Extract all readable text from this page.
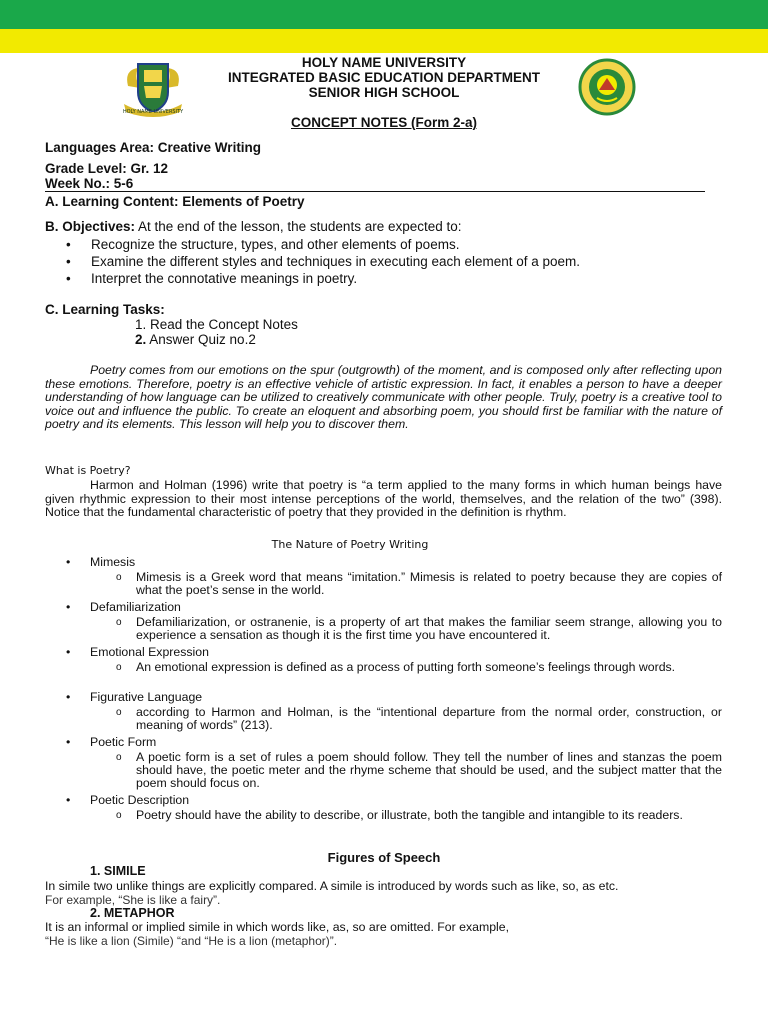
HOLY NAME UNIVERSITY
HOLY NAME UNIVERSITY
INTEGRATED BASIC EDUCATION DEPARTMENT
SENIOR HIGH SCHOOL
CONCEPT NOTES (Form 2-a)
Languages Area: Creative Writing
Grade Level: Gr. 12
Week No.: 5-6
A. Learning Content: Elements of Poetry
B. Objectives: At the end of the lesson, the students are expected to:
• Recognize the structure, types, and other elements of poems.
• Examine the different styles and techniques in executing each element of a poem.
• Interpret the connotative meanings in poetry.
C. Learning Tasks:
1. Read the Concept Notes
2. Answer Quiz no.2

Poetry comes from our emotions on the spur (outgrowth) of the moment, and is composed only after reflecting upon these emotions. Therefore, poetry is an effective vehicle of artistic expression. In fact, it enables a person to have a deeper understanding of how language can be utilized to creatively communicate with other people. Truly, poetry is a creative tool to voice out and influence the public. To create an eloquent and absorbing poem, you should first be familiar with the nature of poetry and its elements. This lesson will help you to discover them.

What is Poetry?

Harmon and Holman (1996) write that poetry is “a term applied to the many forms in which human beings have given rhythmic expression to their most intense perceptions of the world, themselves, and the relation of the two” (398). Notice that the fundamental characteristic of poetry that they provided in the definition is rhythm.

The Nature of Poetry Writing
• Mimesis
o Mimesis is a Greek word that means “imitation.” Mimesis is related to poetry because they are copies of what the poet’s sense in the world.
• Defamiliarization
o Defamiliarization, or ostranenie, is a property of art that makes the familiar seem strange, allowing you to experience a sensation as though it is the first time you have encountered it.
• Emotional Expression
o An emotional expression is defined as a process of putting forth someone’s feelings through words.
• Figurative Language
o according to Harmon and Holman, is the “intentional departure from the normal order, construction, or meaning of words” (213).
• Poetic Form
o A poetic form is a set of rules a poem should follow. They tell the number of lines and stanzas the poem should have, the poetic meter and the rhyme scheme that should be used, and the subject matter that the poem should focus on.
• Poetic Description
o Poetry should have the ability to describe, or illustrate, both the tangible and intangible to its readers.
Figures of Speech
1. SIMILE
In simile two unlike things are explicitly compared. A simile is introduced by words such as like, so, as etc.
For example, “She is like a fairy”.
2. METAPHOR
It is an informal or implied simile in which words like, as, so are omitted. For example,
“He is like a lion (Simile) “and “He is a lion (metaphor)”.
